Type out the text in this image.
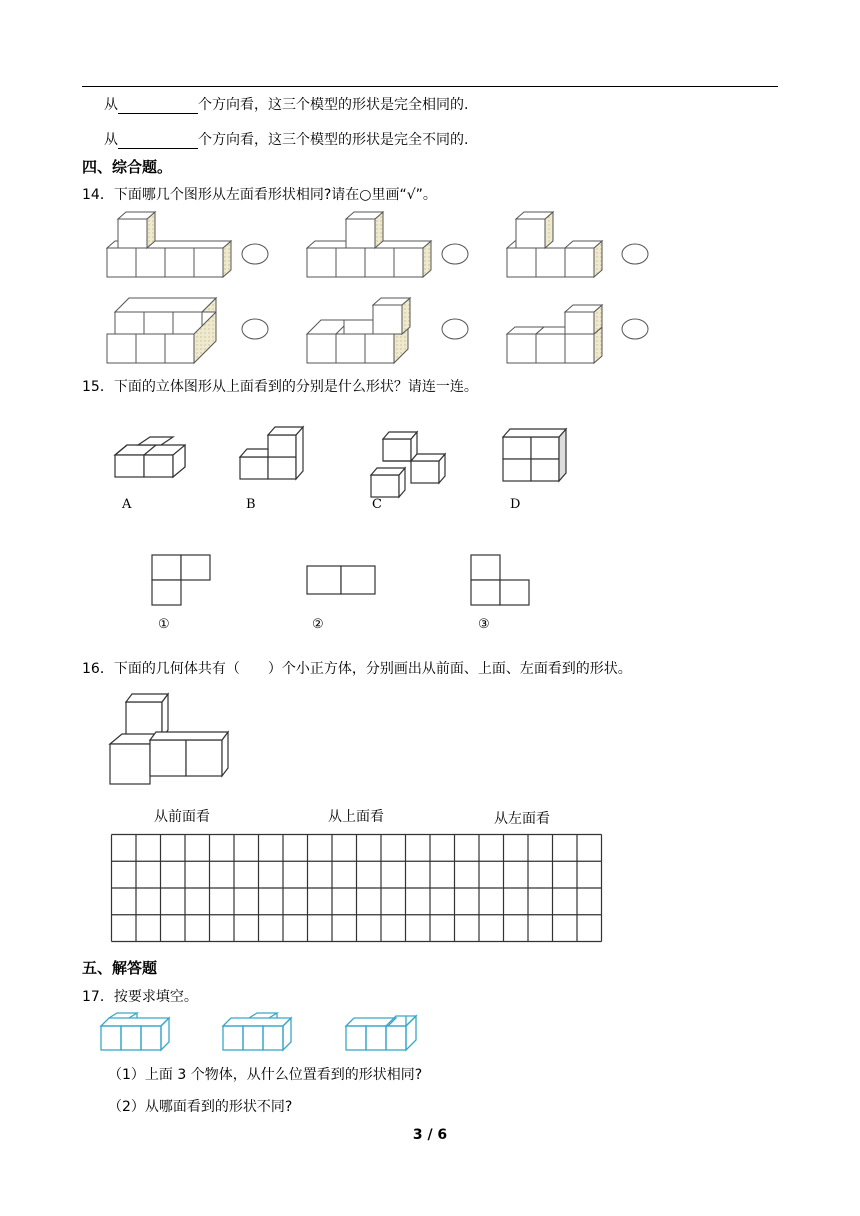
从	个方向看，这三个模型的形状是完全相同的.
从	个方向看，这三个模型的形状是完全不同的.
四、综合题。
14．下面哪几个图形从左面看形状相同?请在○里画“√”。
15．下面的立体图形从上面看到的分别是什么形状？请连一连。
A	B	C	D
①	②	③
16．下面的几何体共有（　　）个小正方体，分别画出从前面、上面、左面看到的形状。
从前面看	从上面看	从左面看
五、解答题
17．按要求填空。
（1）上面 3 个物体，从什么位置看到的形状相同?
（2）从哪面看到的形状不同?
3 / 6
